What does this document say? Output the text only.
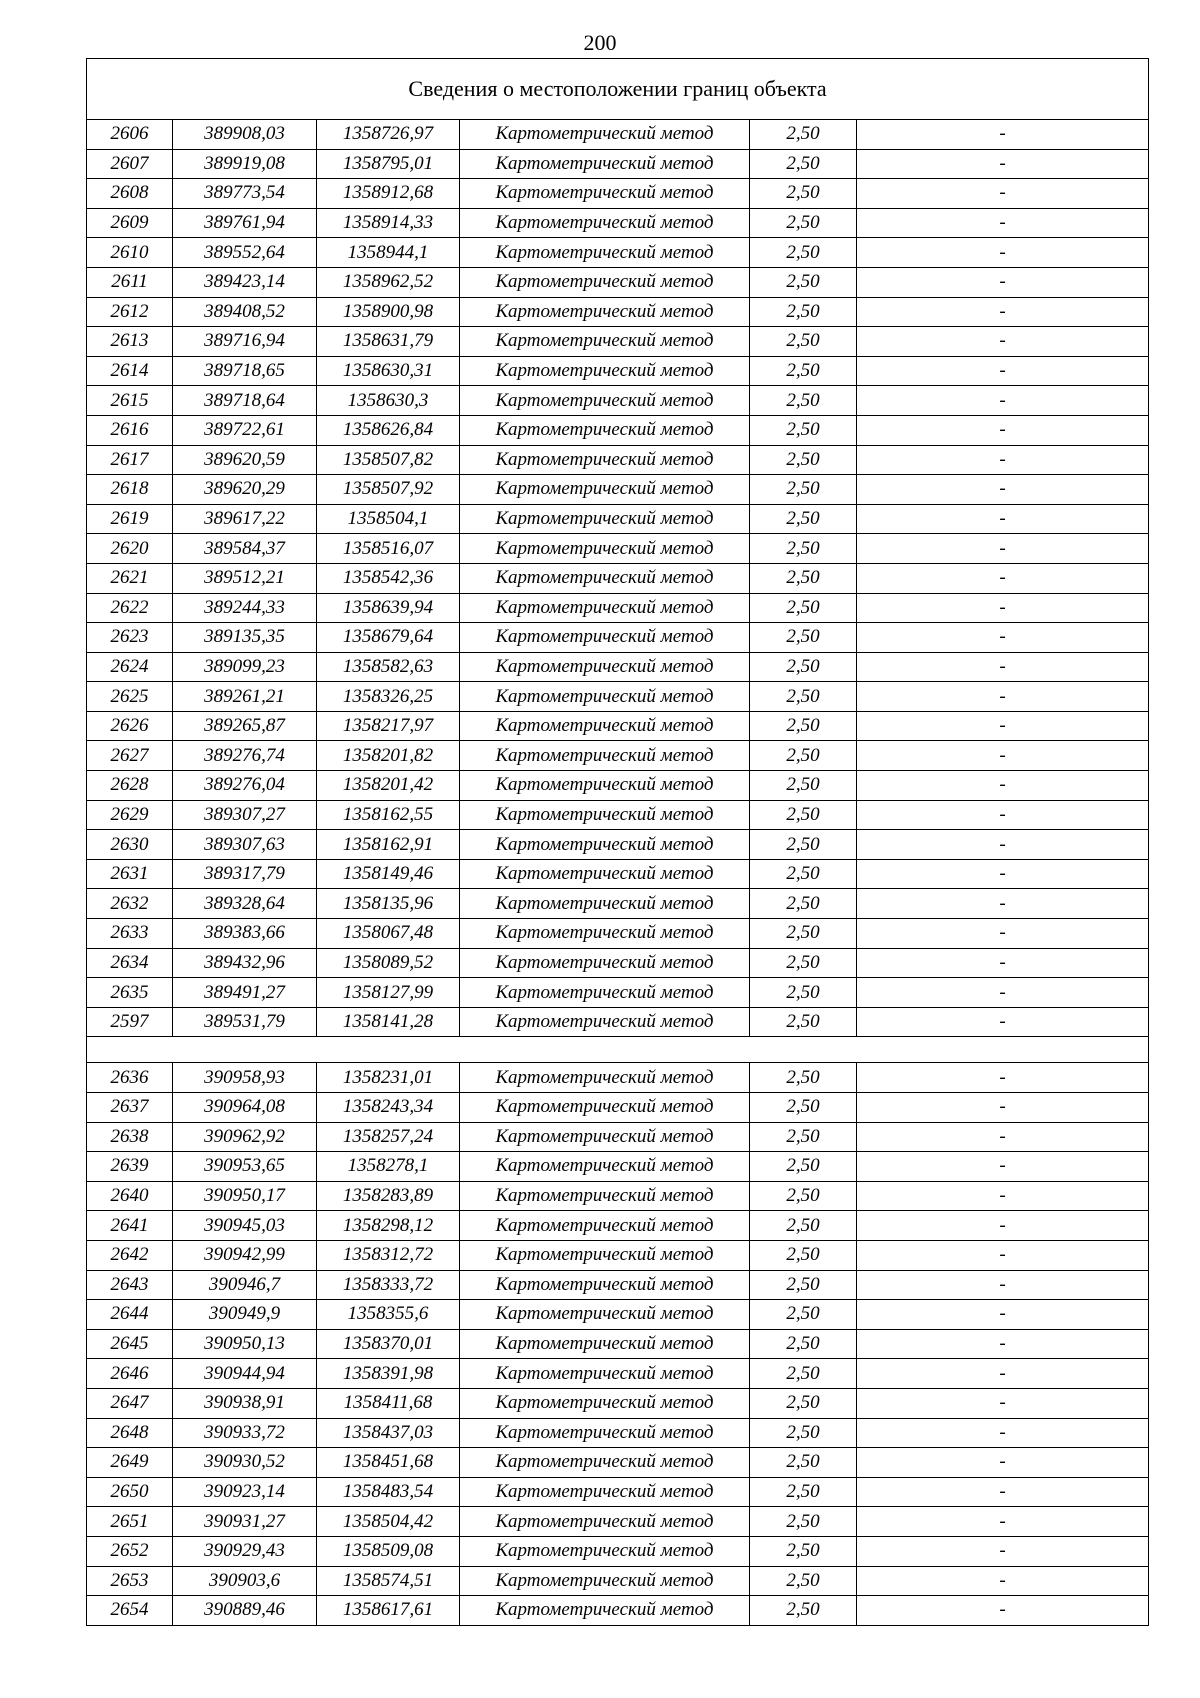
200
Сведения о местоположении границ объекта					
2606	389908,03	1358726,97	Картометрический метод	2,50	-
2607	389919,08	1358795,01	Картометрический метод	2,50	-
2608	389773,54	1358912,68	Картометрический метод	2,50	-
2609	389761,94	1358914,33	Картометрический метод	2,50	-
2610	389552,64	1358944,1	Картометрический метод	2,50	-
2611	389423,14	1358962,52	Картометрический метод	2,50	-
2612	389408,52	1358900,98	Картометрический метод	2,50	-
2613	389716,94	1358631,79	Картометрический метод	2,50	-
2614	389718,65	1358630,31	Картометрический метод	2,50	-
2615	389718,64	1358630,3	Картометрический метод	2,50	-
2616	389722,61	1358626,84	Картометрический метод	2,50	-
2617	389620,59	1358507,82	Картометрический метод	2,50	-
2618	389620,29	1358507,92	Картометрический метод	2,50	-
2619	389617,22	1358504,1	Картометрический метод	2,50	-
2620	389584,37	1358516,07	Картометрический метод	2,50	-
2621	389512,21	1358542,36	Картометрический метод	2,50	-
2622	389244,33	1358639,94	Картометрический метод	2,50	-
2623	389135,35	1358679,64	Картометрический метод	2,50	-
2624	389099,23	1358582,63	Картометрический метод	2,50	-
2625	389261,21	1358326,25	Картометрический метод	2,50	-
2626	389265,87	1358217,97	Картометрический метод	2,50	-
2627	389276,74	1358201,82	Картометрический метод	2,50	-
2628	389276,04	1358201,42	Картометрический метод	2,50	-
2629	389307,27	1358162,55	Картометрический метод	2,50	-
2630	389307,63	1358162,91	Картометрический метод	2,50	-
2631	389317,79	1358149,46	Картометрический метод	2,50	-
2632	389328,64	1358135,96	Картометрический метод	2,50	-
2633	389383,66	1358067,48	Картометрический метод	2,50	-
2634	389432,96	1358089,52	Картометрический метод	2,50	-
2635	389491,27	1358127,99	Картометрический метод	2,50	-
2597	389531,79	1358141,28	Картометрический метод	2,50	-

2636	390958,93	1358231,01	Картометрический метод	2,50	-
2637	390964,08	1358243,34	Картометрический метод	2,50	-
2638	390962,92	1358257,24	Картометрический метод	2,50	-
2639	390953,65	1358278,1	Картометрический метод	2,50	-
2640	390950,17	1358283,89	Картометрический метод	2,50	-
2641	390945,03	1358298,12	Картометрический метод	2,50	-
2642	390942,99	1358312,72	Картометрический метод	2,50	-
2643	390946,7	1358333,72	Картометрический метод	2,50	-
2644	390949,9	1358355,6	Картометрический метод	2,50	-
2645	390950,13	1358370,01	Картометрический метод	2,50	-
2646	390944,94	1358391,98	Картометрический метод	2,50	-
2647	390938,91	1358411,68	Картометрический метод	2,50	-
2648	390933,72	1358437,03	Картометрический метод	2,50	-
2649	390930,52	1358451,68	Картометрический метод	2,50	-
2650	390923,14	1358483,54	Картометрический метод	2,50	-
2651	390931,27	1358504,42	Картометрический метод	2,50	-
2652	390929,43	1358509,08	Картометрический метод	2,50	-
2653	390903,6	1358574,51	Картометрический метод	2,50	-
2654	390889,46	1358617,61	Картометрический метод	2,50	-
